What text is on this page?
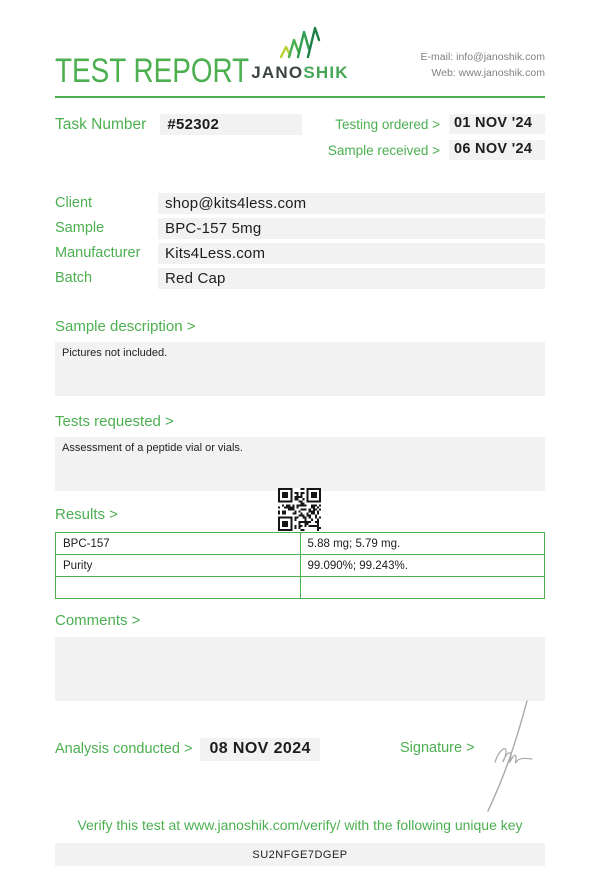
TEST REPORT JANOSHIK
E-mail: info@janoshik.com
Web: www.janoshik.com
Task Number	#52302	Testing ordered > 01 NOV '24
Sample received > 06 NOV '24
Client	shop@kits4less.com
Sample	BPC-157 5mg
Manufacturer	Kits4Less.com
Batch	Red Cap
Sample description >
Pictures not included.
Tests requested >
Assessment of a peptide vial or vials.
Results >
BPC-157	5.88 mg; 5.79 mg.
Purity	99.090%; 99.243%.

Comments >
Analysis conducted >	08 NOV 2024	Signature >
Verify this test at www.janoshik.com/verify/ with the following unique key
SU2NFGE7DGEP
